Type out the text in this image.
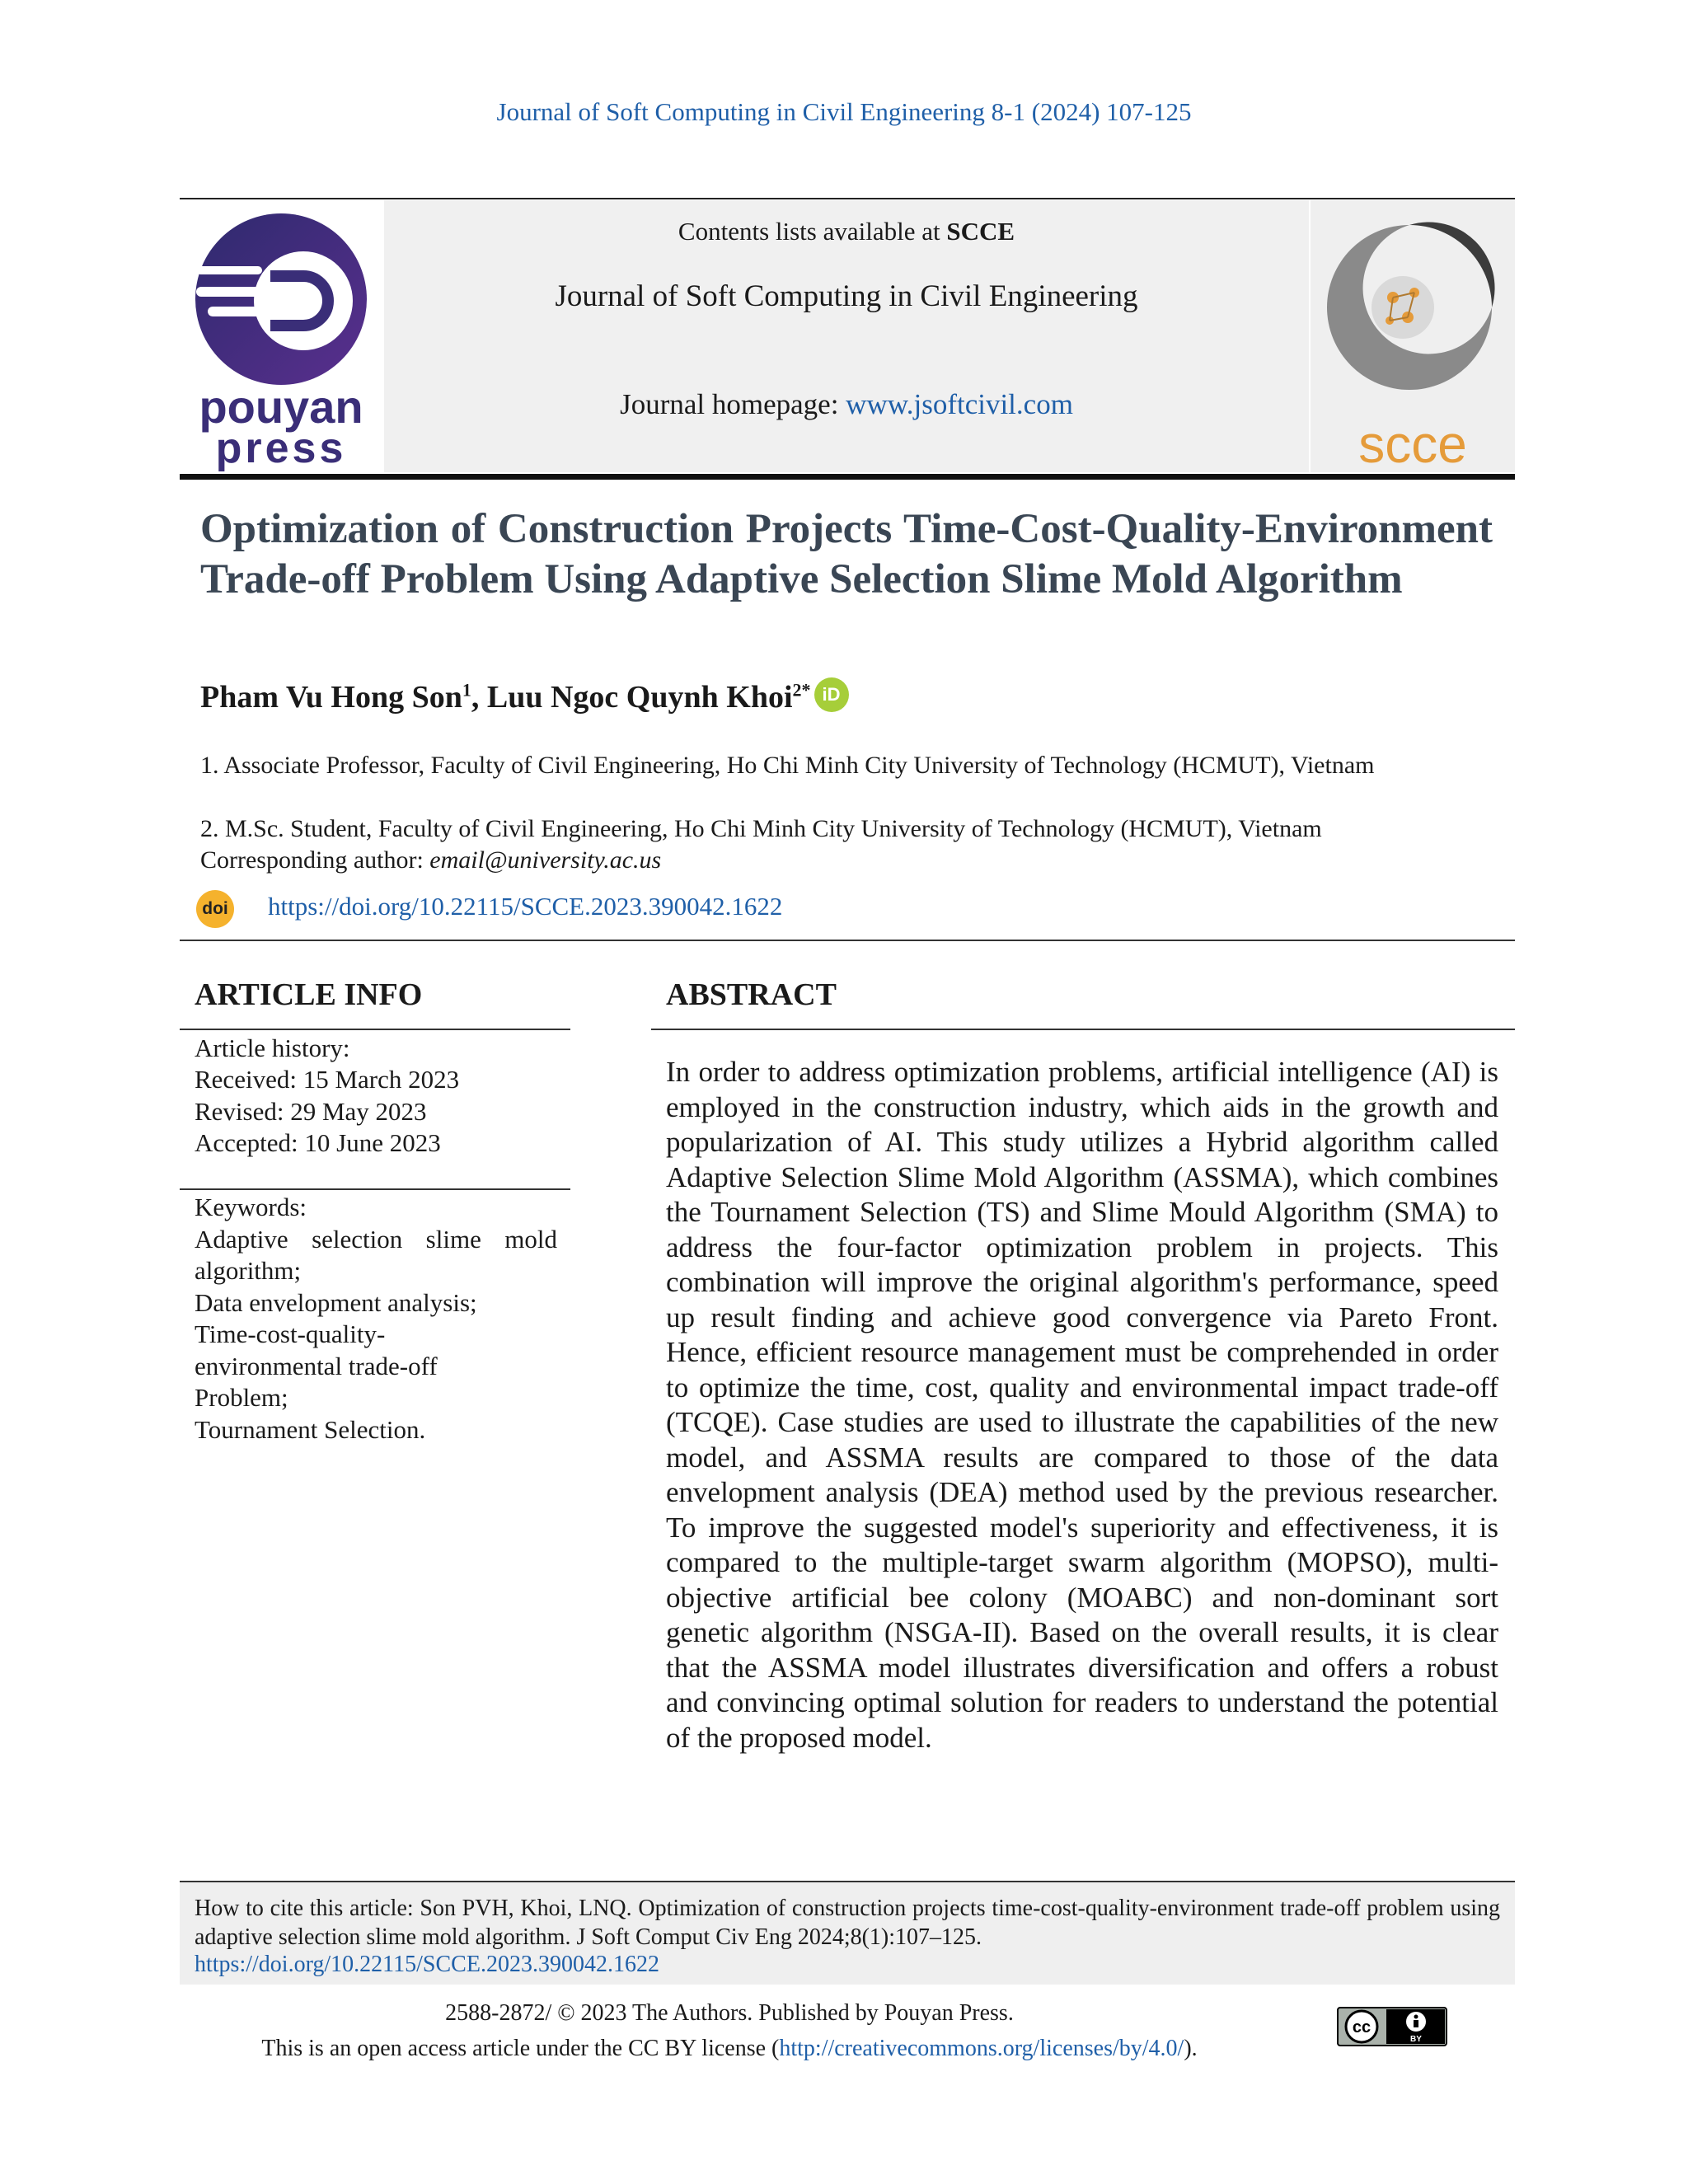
Journal of Soft Computing in Civil Engineering 8-1 (2024) 107-125
pouyan
press
Contents lists available at SCCE
Journal of Soft Computing in Civil Engineering
Journal homepage: www.jsoftcivil.com
scce
Optimization of Construction Projects Time-Cost-Quality-Environment Trade-off Problem Using Adaptive Selection Slime Mold Algorithm
Pham Vu Hong Son$^1$, Luu Ngoc Quynh Khoi$^{2*}$ iD
1. Associate Professor, Faculty of Civil Engineering, Ho Chi Minh City University of Technology (HCMUT), Vietnam
2. M.Sc. Student, Faculty of Civil Engineering, Ho Chi Minh City University of Technology (HCMUT), Vietnam
Corresponding author: email@university.ac.us
doi https://doi.org/10.22115/SCCE.2023.390042.1622
ARTICLE INFO	ABSTRACT
Article history:
Received: 15 March 2023
Revised: 29 May 2023
Accepted: 10 June 2023
Keywords:
Adaptive selection slime mold algorithm;
Data envelopment analysis;
Time-cost-quality-environmental trade-off Problem;
Tournament Selection.
In order to address optimization problems, artificial intelligence (AI) is employed in the construction industry, which aids in the growth and popularization of AI. This study utilizes a Hybrid algorithm called Adaptive Selection Slime Mold Algorithm (ASSMA), which combines the Tournament Selection (TS) and Slime Mould Algorithm (SMA) to address the four-factor optimization problem in projects. This combination will improve the original algorithm's performance, speed up result finding and achieve good convergence via Pareto Front. Hence, efficient resource management must be comprehended in order to optimize the time, cost, quality and environmental impact trade-off (TCQE). Case studies are used to illustrate the capabilities of the new model, and ASSMA results are compared to those of the data envelopment analysis (DEA) method used by the previous researcher. To improve the suggested model's superiority and effectiveness, it is compared to the multiple-target swarm algorithm (MOPSO), multi-objective artificial bee colony (MOABC) and non-dominant sort genetic algorithm (NSGA-II). Based on the overall results, it is clear that the ASSMA model illustrates diversification and offers a robust and convincing optimal solution for readers to understand the potential of the proposed model.
How to cite this article: Son PVH, Khoi, LNQ. Optimization of construction projects time-cost-quality-environment trade-off problem using adaptive selection slime mold algorithm. J Soft Comput Civ Eng 2024;8(1):107–125.
https://doi.org/10.22115/SCCE.2023.390042.1622
2588-2872/ © 2023 The Authors. Published by Pouyan Press.
This is an open access article under the CC BY license (http://creativecommons.org/licenses/by/4.0/).
cc
BY
